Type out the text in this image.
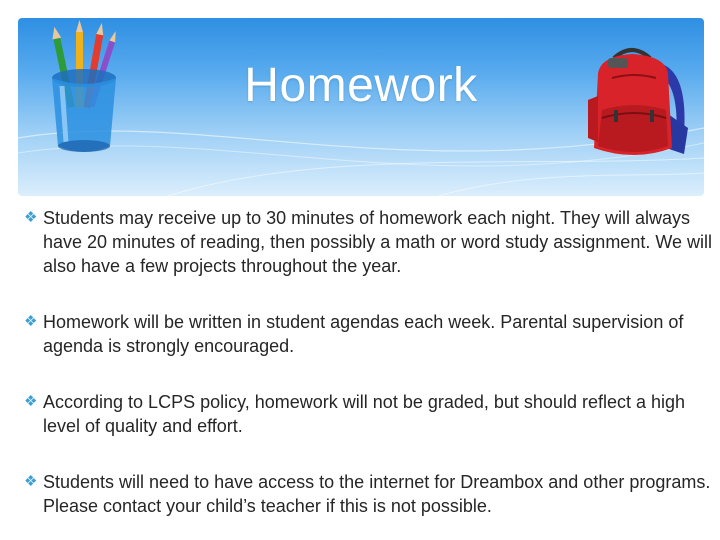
Homework
❖ Students may receive up to 30 minutes of homework each night. They will always have 20 minutes of reading, then possibly a math or word study assignment. We will also have a few projects throughout the year.
❖ Homework will be written in student agendas each week. Parental supervision of agenda is strongly encouraged.
❖ According to LCPS policy, homework will not be graded, but should reflect a high level of quality and effort.
❖ Students will need to have access to the internet for Dreambox and other programs. Please contact your child’s teacher if this is not possible.
